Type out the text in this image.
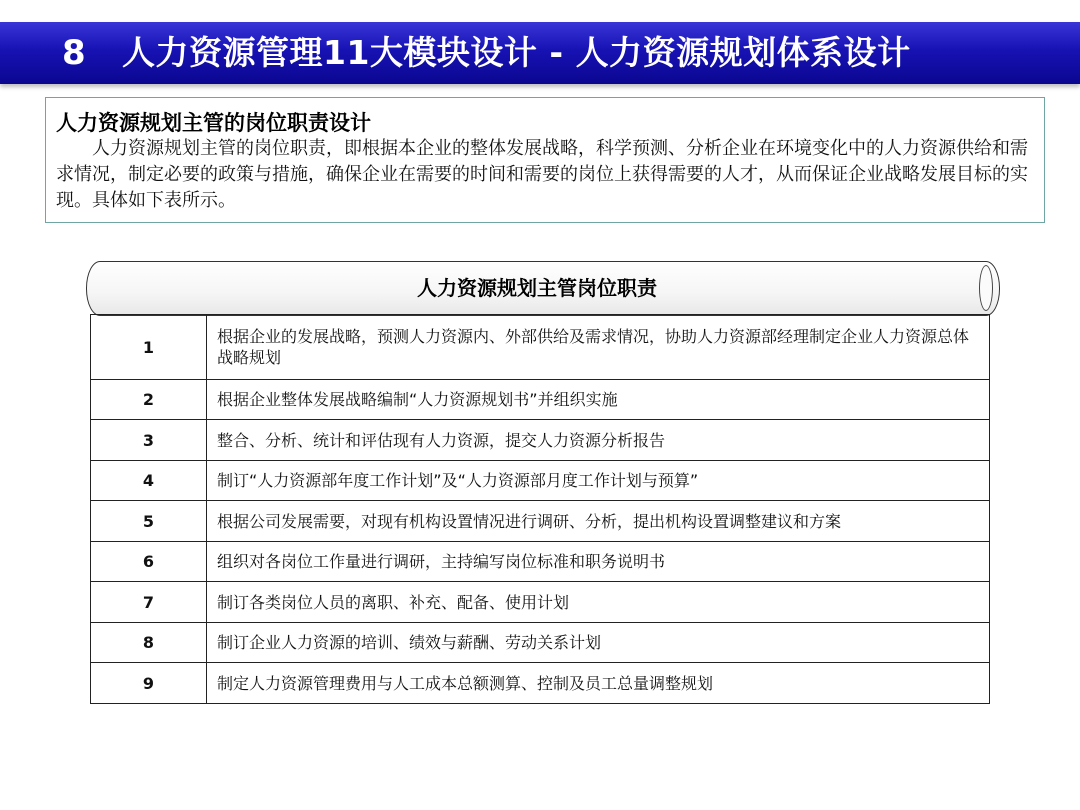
8 人力资源管理11大模块设计 - 人力资源规划体系设计
人力资源规划主管的岗位职责设计
人力资源规划主管的岗位职责，即根据本企业的整体发展战略，科学预测、分析企业在环境变化中的人力资源供给和需求情况，制定必要的政策与措施，确保企业在需要的时间和需要的岗位上获得需要的人才，从而保证企业战略发展目标的实现。具体如下表所示。
人力资源规划主管岗位职责
1	根据企业的发展战略，预测人力资源内、外部供给及需求情况，协助人力资源部经理制定企业人力资源总体战略规划
2	根据企业整体发展战略编制“人力资源规划书”并组织实施
3	整合、分析、统计和评估现有人力资源，提交人力资源分析报告
4	制订“人力资源部年度工作计划”及“人力资源部月度工作计划与预算”
5	根据公司发展需要，对现有机构设置情况进行调研、分析，提出机构设置调整建议和方案
6	组织对各岗位工作量进行调研，主持编写岗位标准和职务说明书
7	制订各类岗位人员的离职、补充、配备、使用计划
8	制订企业人力资源的培训、绩效与薪酬、劳动关系计划
9	制定人力资源管理费用与人工成本总额测算、控制及员工总量调整规划
